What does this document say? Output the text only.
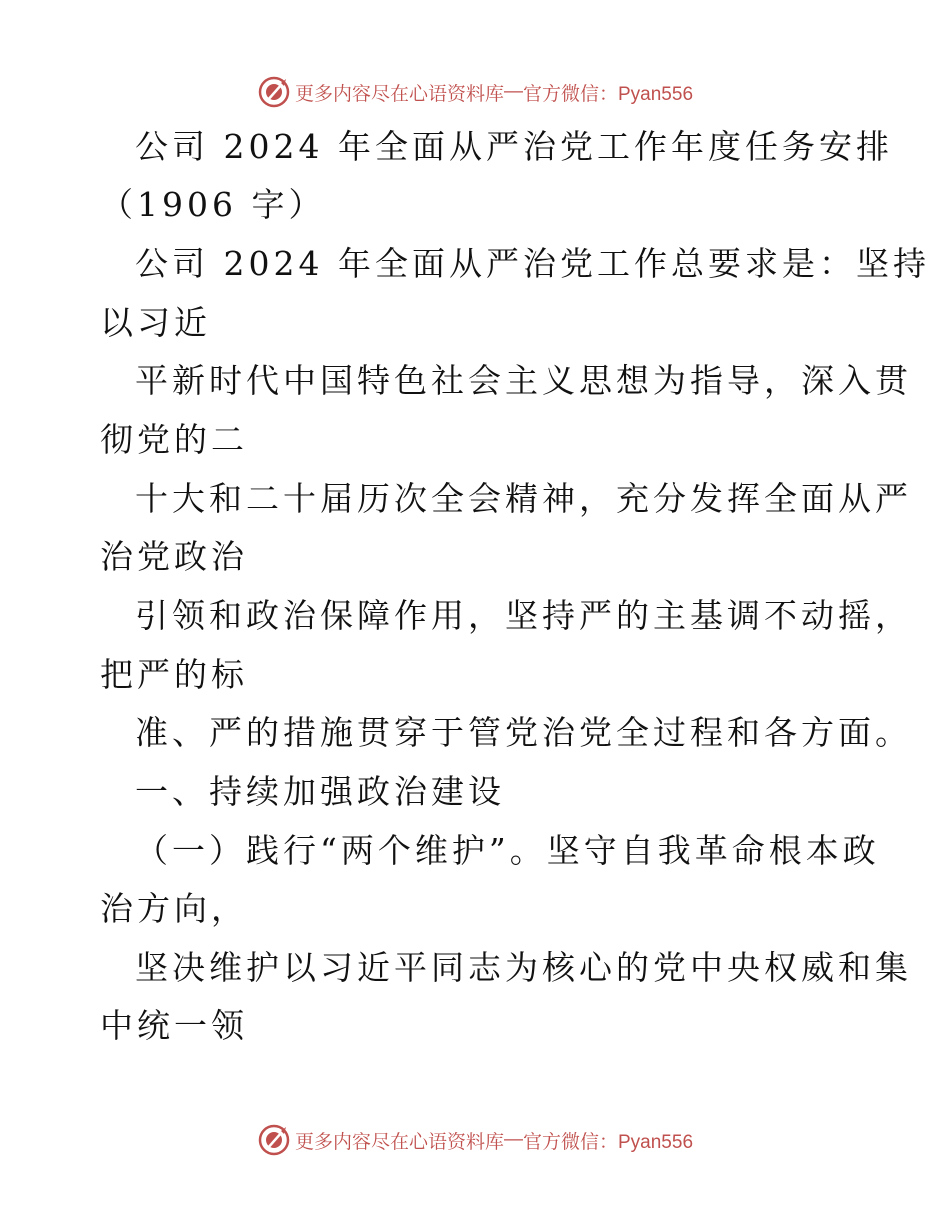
更多内容尽在心语资料库 — 官方微信：Pyan556
公司 2024 年全面从严治党工作年度任务安排
（1906 字）
公司 2024 年全面从严治党工作总要求是：坚持
以习近
平新时代中国特色社会主义思想为指导，深入贯
彻党的二
十大和二十届历次全会精神，充分发挥全面从严
治党政治
引领和政治保障作用，坚持严的主基调不动摇，
把严的标
准、严的措施贯穿于管党治党全过程和各方面。
一、持续加强政治建设
（一）践行“两个维护”。坚守自我革命根本政
治方向，
坚决维护以习近平同志为核心的党中央权威和集
中统一领
更多内容尽在心语资料库 — 官方微信：Pyan556
